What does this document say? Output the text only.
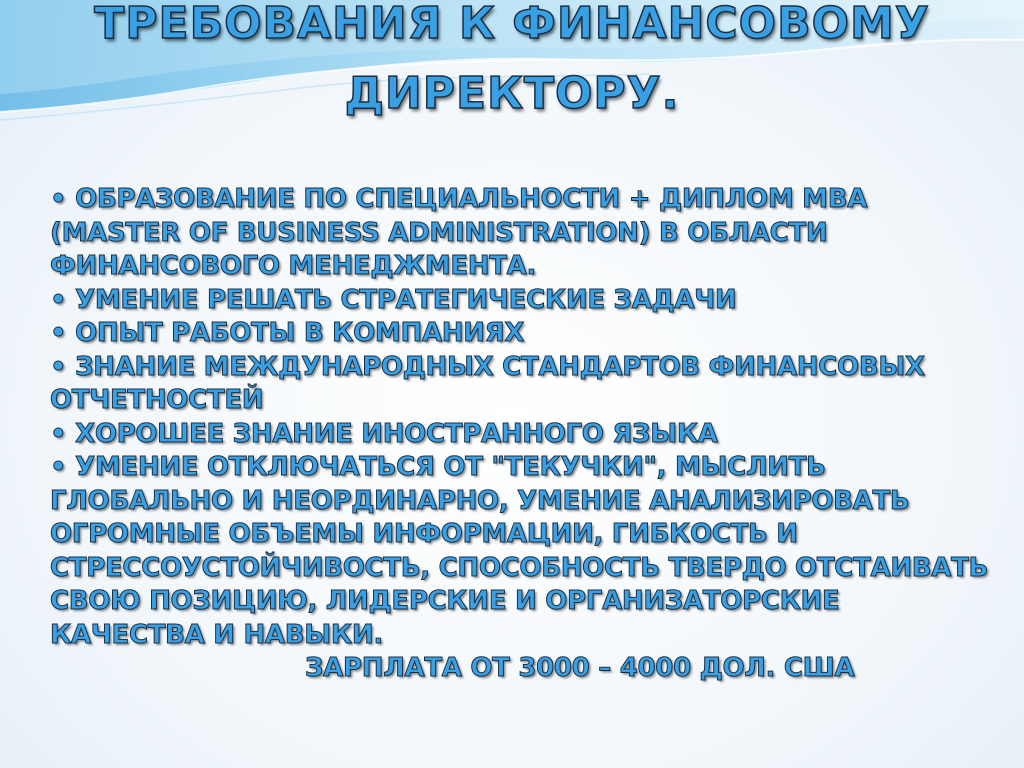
ТРЕБОВАНИЯ К ФИНАНСОВОМУ
ДИРЕКТОРУ.
• ОБРАЗОВАНИЕ ПО СПЕЦИАЛЬНОСТИ + ДИПЛОМ MBA
(MASTER OF BUSINESS ADMINISTRATION) В ОБЛАСТИ
ФИНАНСОВОГО МЕНЕДЖМЕНТА.
• УМЕНИЕ РЕШАТЬ СТРАТЕГИЧЕСКИЕ ЗАДАЧИ
• ОПЫТ РАБОТЫ В КОМПАНИЯХ
• ЗНАНИЕ МЕЖДУНАРОДНЫХ СТАНДАРТОВ ФИНАНСОВЫХ
ОТЧЕТНОСТЕЙ
• ХОРОШЕЕ ЗНАНИЕ ИНОСТРАННОГО ЯЗЫКА
• УМЕНИЕ ОТКЛЮЧАТЬСЯ ОТ "ТЕКУЧКИ", МЫСЛИТЬ
ГЛОБАЛЬНО И НЕОРДИНАРНО, УМЕНИЕ АНАЛИЗИРОВАТЬ
ОГРОМНЫЕ ОБЪЕМЫ ИНФОРМАЦИИ, ГИБКОСТЬ И
СТРЕССОУСТОЙЧИВОСТЬ, СПОСОБНОСТЬ ТВЕРДО ОТСТАИВАТЬ
СВОЮ ПОЗИЦИЮ, ЛИДЕРСКИЕ И ОРГАНИЗАТОРСКИЕ
КАЧЕСТВА И НАВЫКИ.
ЗАРПЛАТА ОТ 3000 – 4000 ДОЛ. США
